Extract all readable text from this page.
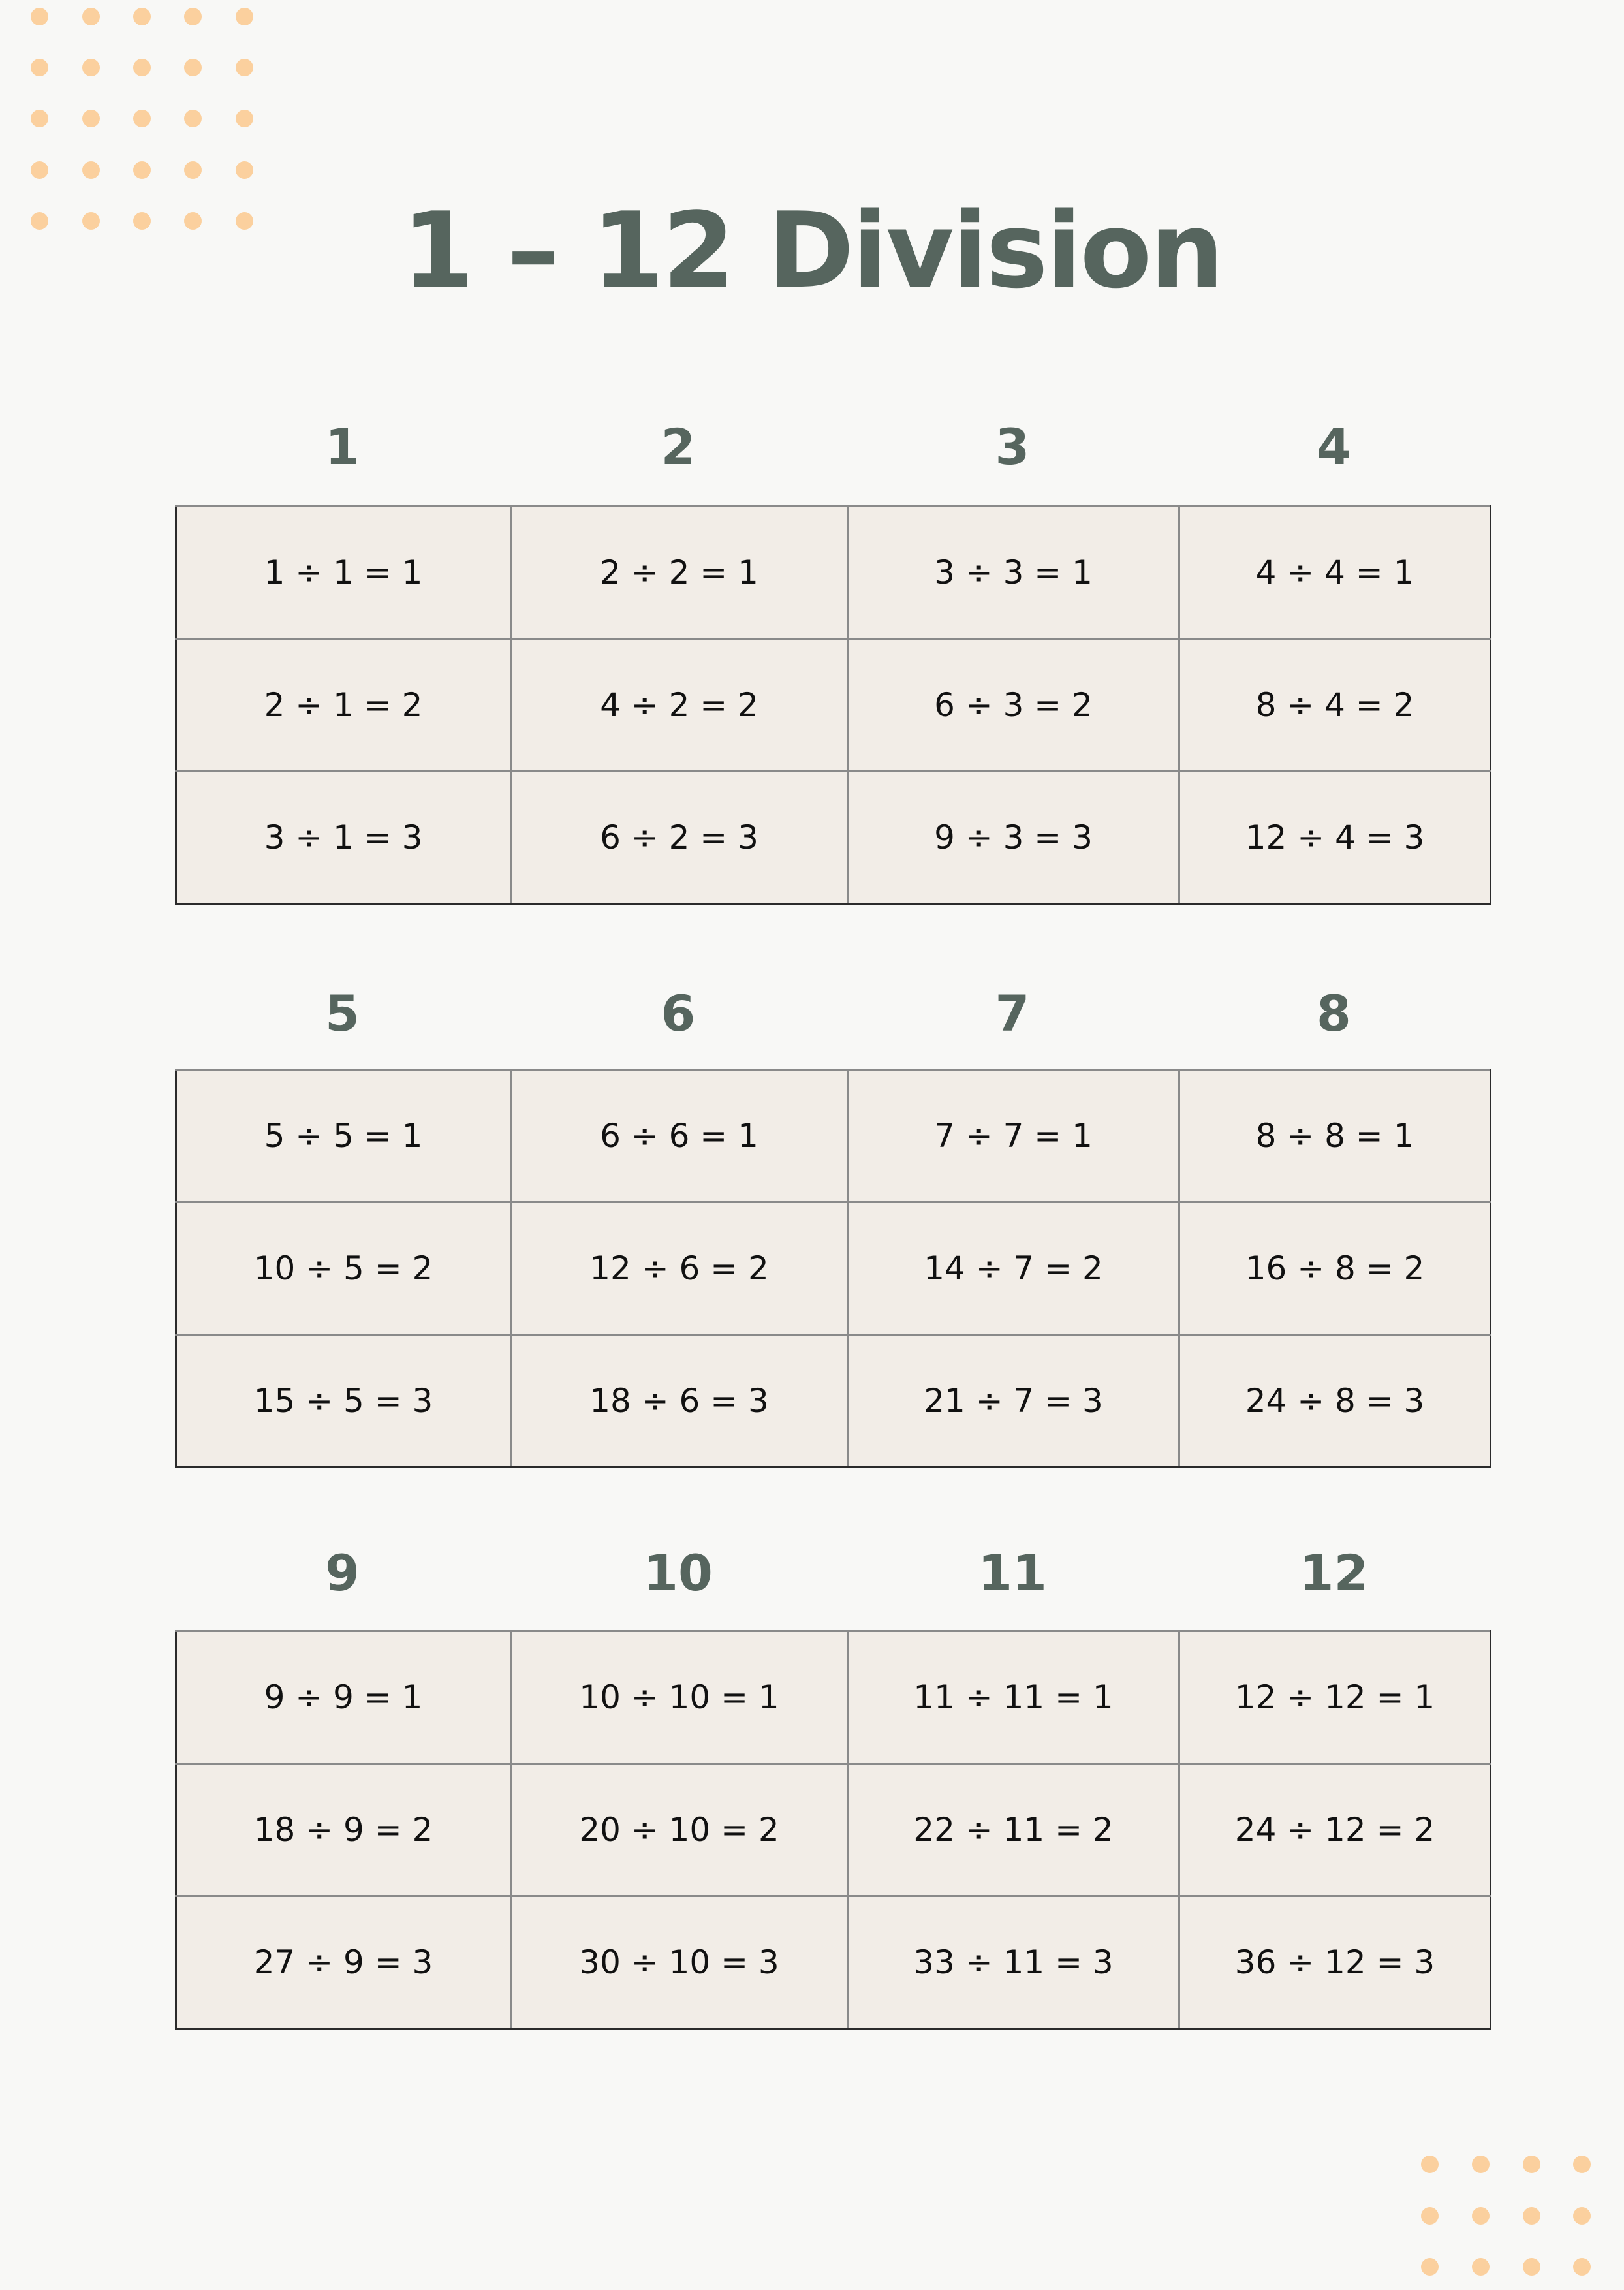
1 – 12 Division
1	2	3	4
1 ÷ 1 = 1	2 ÷ 2 = 1	3 ÷ 3 = 1	4 ÷ 4 = 1
2 ÷ 1 = 2	4 ÷ 2 = 2	6 ÷ 3 = 2	8 ÷ 4 = 2
3 ÷ 1 = 3	6 ÷ 2 = 3	9 ÷ 3 = 3	12 ÷ 4 = 3
5	6	7	8
5 ÷ 5 = 1	6 ÷ 6 = 1	7 ÷ 7 = 1	8 ÷ 8 = 1
10 ÷ 5 = 2	12 ÷ 6 = 2	14 ÷ 7 = 2	16 ÷ 8 = 2
15 ÷ 5 = 3	18 ÷ 6 = 3	21 ÷ 7 = 3	24 ÷ 8 = 3
9	10	11	12
9 ÷ 9 = 1	10 ÷ 10 = 1	11 ÷ 11 = 1	12 ÷ 12 = 1
18 ÷ 9 = 2	20 ÷ 10 = 2	22 ÷ 11 = 2	24 ÷ 12 = 2
27 ÷ 9 = 3	30 ÷ 10 = 3	33 ÷ 11 = 3	36 ÷ 12 = 3
